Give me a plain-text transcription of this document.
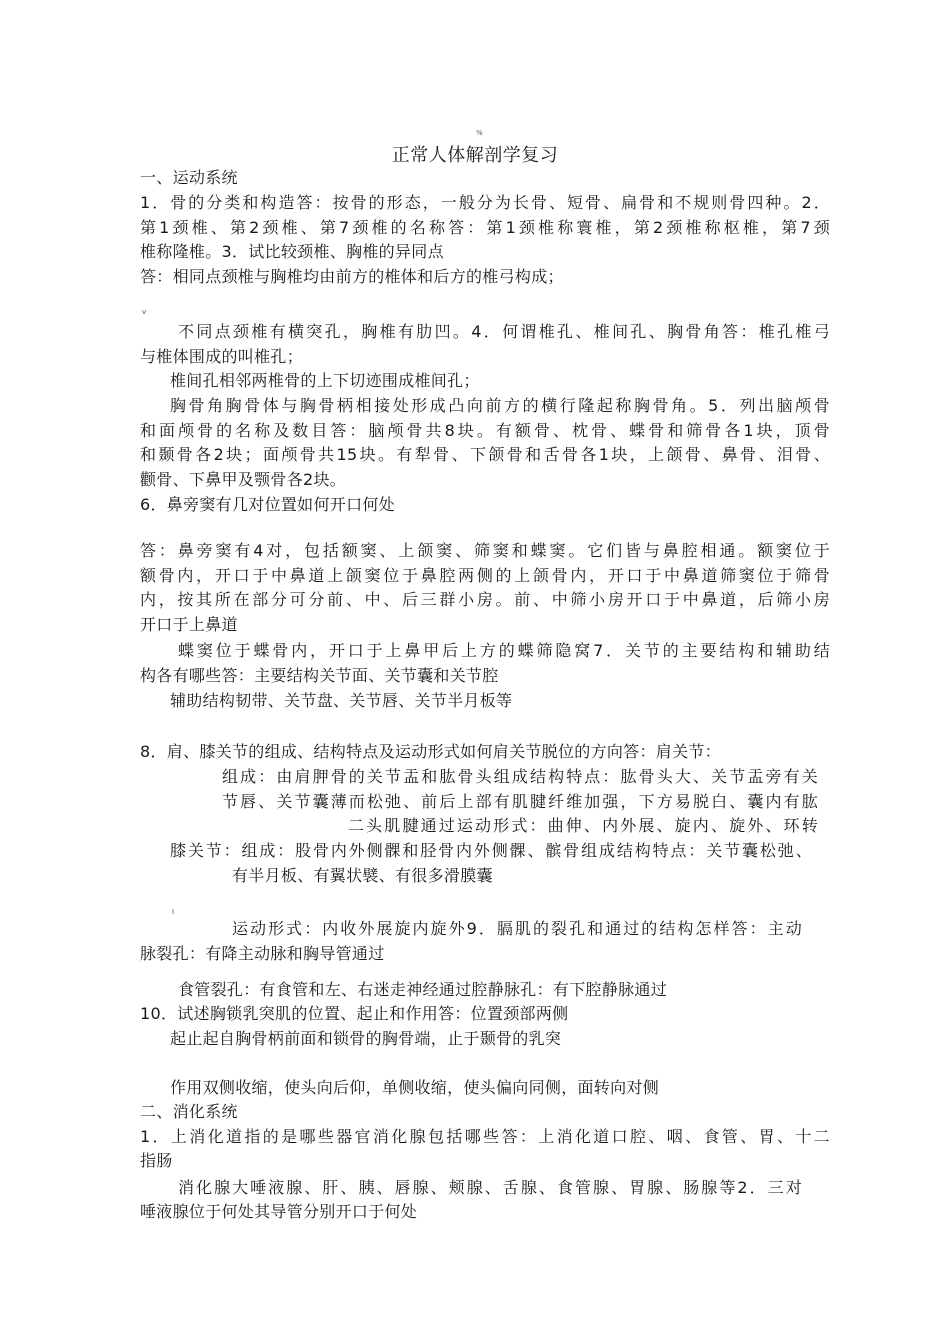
%
正常人体解剖学复习
v
I
一、运动系统
1．骨的分类和构造答：按骨的形态，一般分为长骨、短骨、扁骨和不规则骨四种。2．
第1颈椎、第2颈椎、第7颈椎的名称答：第1颈椎称寰椎，第2颈椎称枢椎，第7颈
椎称隆椎。3．试比较颈椎、胸椎的异同点
答：相同点颈椎与胸椎均由前方的椎体和后方的椎弓构成；
不同点颈椎有横突孔，胸椎有肋凹。4．何谓椎孔、椎间孔、胸骨角答：椎孔椎弓
与椎体围成的叫椎孔；
椎间孔相邻两椎骨的上下切迹围成椎间孔；
胸骨角胸骨体与胸骨柄相接处形成凸向前方的横行隆起称胸骨角。5．列出脑颅骨
和面颅骨的名称及数目答：脑颅骨共8块。有额骨、枕骨、蝶骨和筛骨各1块，顶骨
和颞骨各2块；面颅骨共15块。有犁骨、下颌骨和舌骨各1块，上颌骨、鼻骨、泪骨、
颧骨、下鼻甲及颚骨各2块。
6．鼻旁窦有几对位置如何开口何处
答：鼻旁窦有4对，包括额窦、上颌窦、筛窦和蝶窦。它们皆与鼻腔相通。额窦位于
额骨内，开口于中鼻道上颌窦位于鼻腔两侧的上颌骨内，开口于中鼻道筛窦位于筛骨
内，按其所在部分可分前、中、后三群小房。前、中筛小房开口于中鼻道，后筛小房
开口于上鼻道
蝶窦位于蝶骨内，开口于上鼻甲后上方的蝶筛隐窝7．关节的主要结构和辅助结
构各有哪些答：主要结构关节面、关节囊和关节腔
辅助结构韧带、关节盘、关节唇、关节半月板等
8．肩、膝关节的组成、结构特点及运动形式如何肩关节脱位的方向答：肩关节：
组成：由肩胛骨的关节盂和肱骨头组成结构特点：肱骨头大、关节盂旁有关
节唇、关节囊薄而松弛、前后上部有肌腱纤维加强，下方易脱白、囊内有肱
二头肌腱通过运动形式：曲伸、内外展、旋内、旋外、环转
膝关节：组成：股骨内外侧髁和胫骨内外侧髁、髌骨组成结构特点：关节囊松弛、
有半月板、有翼状襞、有很多滑膜囊
运动形式：内收外展旋内旋外9．膈肌的裂孔和通过的结构怎样答：主动
脉裂孔：有降主动脉和胸导管通过
食管裂孔：有食管和左、右迷走神经通过腔静脉孔：有下腔静脉通过
10．试述胸锁乳突肌的位置、起止和作用答：位置颈部两侧
起止起自胸骨柄前面和锁骨的胸骨端，止于颞骨的乳突
作用双侧收缩，使头向后仰，单侧收缩，使头偏向同侧，面转向对侧
二、消化系统
1．上消化道指的是哪些器官消化腺包括哪些答：上消化道口腔、咽、食管、胃、十二
指肠
消化腺大唾液腺、肝、胰、唇腺、颊腺、舌腺、食管腺、胃腺、肠腺等2．三对
唾液腺位于何处其导管分别开口于何处
